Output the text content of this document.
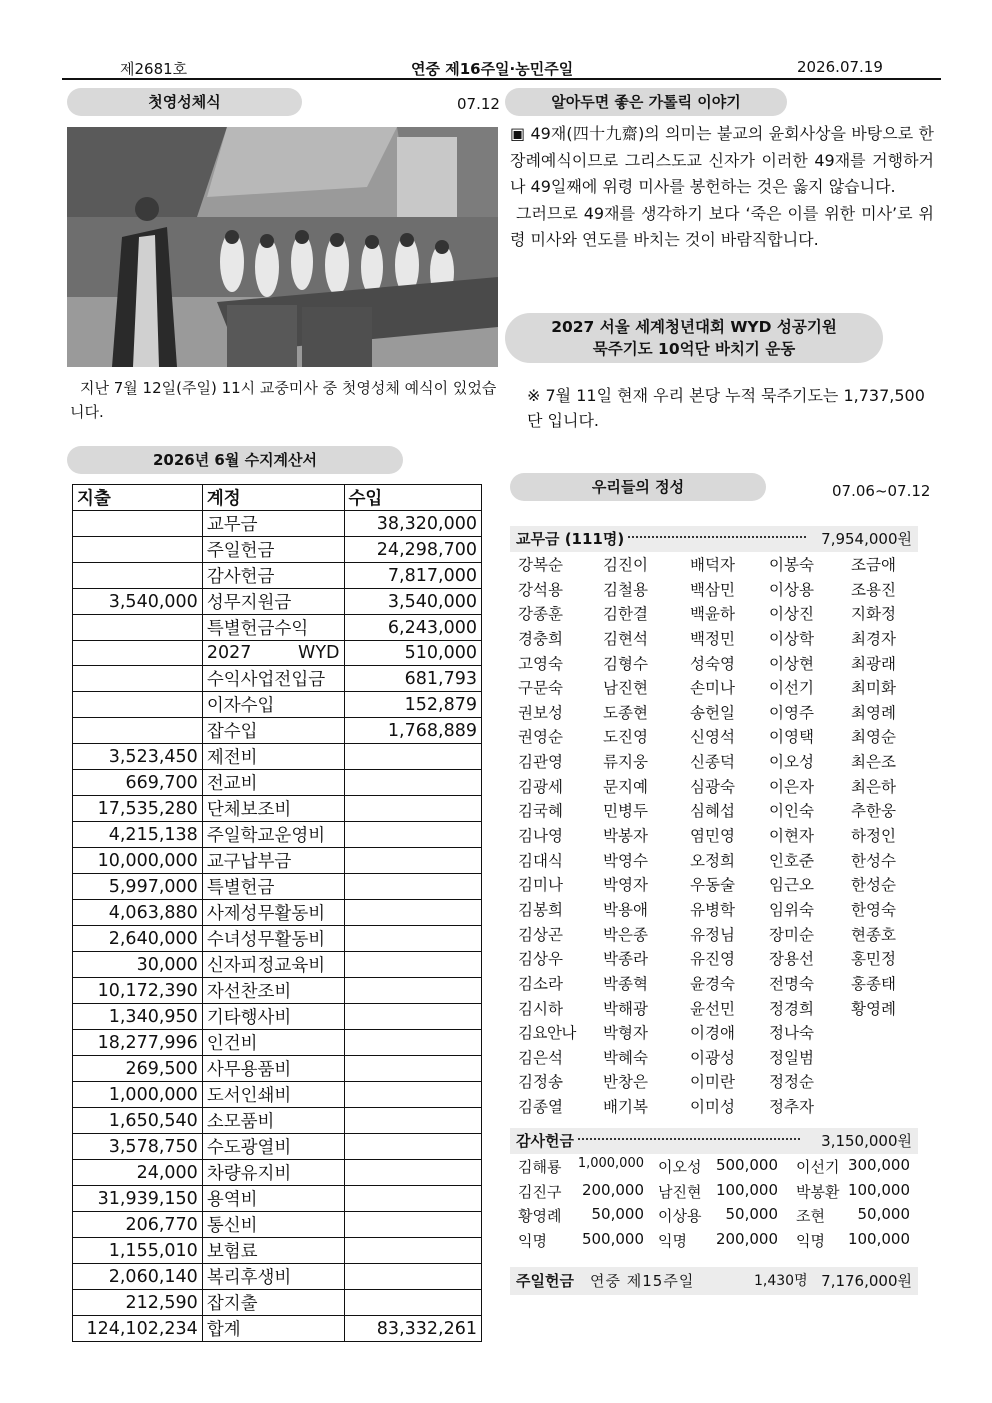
제2681호	연중 제16주일·농민주일	2026.07.19
첫영성체식	07.12
지난 7월 12일(주일) 11시 교중미사 중 첫영성체 예식이 있었습니다.
2026년 6월 수지계산서
지출	계정	수입
	교무금	38,320,000
	주일헌금	24,298,700
	감사헌금	7,817,000
3,540,000	성무지원금	3,540,000
	특별헌금수익	6,243,000
	2027 WYD	510,000
	수익사업전입금	681,793
	이자수입	152,879
	잡수입	1,768,889
3,523,450	제전비	
669,700	전교비	
17,535,280	단체보조비	
4,215,138	주일학교운영비	
10,000,000	교구납부금	
5,997,000	특별헌금	
4,063,880	사제성무활동비	
2,640,000	수녀성무활동비	
30,000	신자피정교육비	
10,172,390	자선찬조비	
1,340,950	기타행사비	
18,277,996	인건비	
269,500	사무용품비	
1,000,000	도서인쇄비	
1,650,540	소모품비	
3,578,750	수도광열비	
24,000	차량유지비	
31,939,150	용역비	
206,770	통신비	
1,155,010	보험료	
2,060,140	복리후생비	
212,590	잡지출	
124,102,234	합계	83,332,261
알아두면 좋은 가톨릭 이야기

▣ 49재(四十九齋)의 의미는 불교의 윤회사상을 바탕으로 한 장례예식이므로 그리스도교 신자가 이러한 49재를 거행하거나 49일째에 위령 미사를 봉헌하는 것은 옳지 않습니다.

그러므로 49재를 생각하기 보다 ‘죽은 이를 위한 미사’로 위령 미사와 연도를 바치는 것이 바람직합니다.

2027 서울 세계청년대회 WYD 성공기원
묵주기도 10억단 바치기 운동
※ 7월 11일 현재 우리 본당 누적 묵주기도는 1,737,500단 입니다.
우리들의 정성	07.06~07.12
교무금 (111명)	7,954,000원
강복순	김진이	배덕자	이봉숙	조금애
강석용	김철용	백삼민	이상용	조용진
강종훈	김한결	백윤하	이상진	지화정
경충희	김현석	백정민	이상학	최경자
고영숙	김형수	성숙영	이상현	최광래
구문숙	남진현	손미나	이선기	최미화
권보성	도종현	송헌일	이영주	최영례
권영순	도진영	신영석	이영택	최영순
김관영	류지웅	신종덕	이오성	최은조
김광세	문지예	심광숙	이은자	최은하
김국혜	민병두	심혜섭	이인숙	추한웅
김나영	박봉자	염민영	이현자	하정인
김대식	박영수	오정희	인호준	한성수
김미나	박영자	우동술	임근오	한성순
김봉희	박용애	유병학	임위숙	한영숙
김상곤	박은종	유정님	장미순	현종호
김상우	박종라	유진영	장용선	홍민정
김소라	박종혁	윤경숙	전명숙	홍종태
김시하	박해광	윤선민	정경희	황영례
김요안나	박형자	이경애	정나숙
김은석	박혜숙	이광성	정일범
김정송	반창은	이미란	정정순
김종열	배기복	이미성	정추자
감사헌금	3,150,000원
김해룡	1,000,000 이오성 500,000 이선기 300,000
김진구	200,000 남진현 100,000 박봉환 100,000
황영례	50,000 이상용	50,000 조현	50,000
익명	500,000 익명	200,000 익명	100,000
주일헌금 연중 제15주일	1,430명 7,176,000원
